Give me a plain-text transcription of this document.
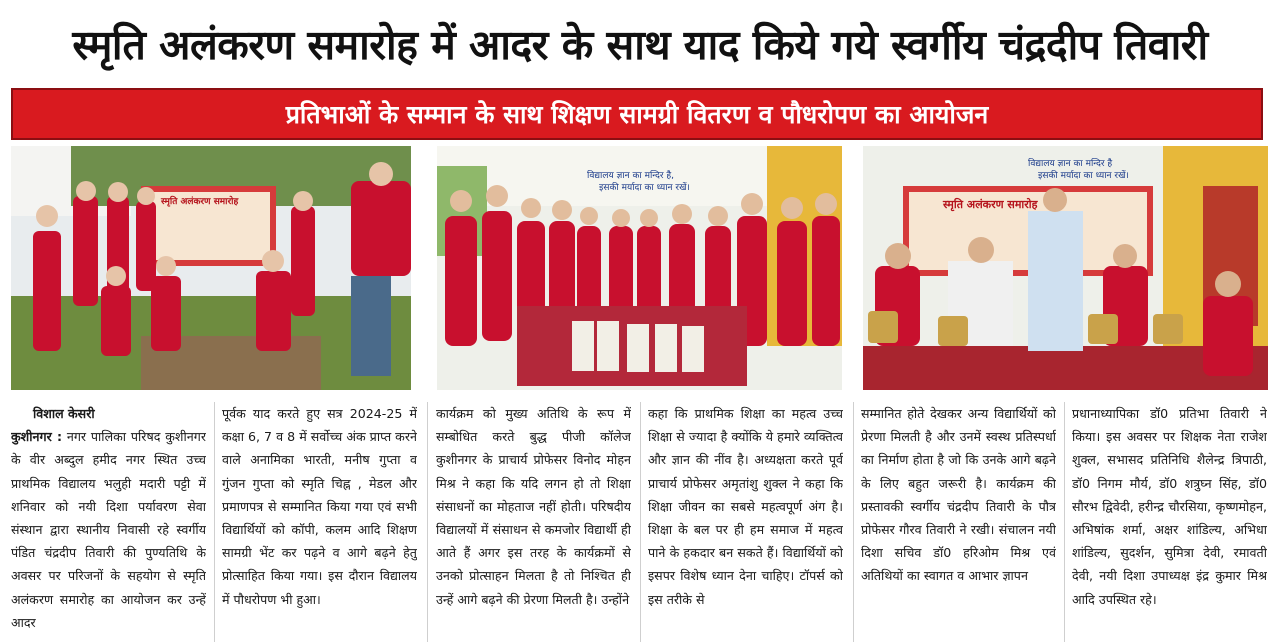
स्मृति अलंकरण समारोह में आदर के साथ याद किये गये स्वर्गीय चंद्रदीप तिवारी
प्रतिभाओं के सम्मान के साथ शिक्षण सामग्री वितरण व पौधरोपण का आयोजन
स्मृति अलंकरण समारोह
विद्यालय ज्ञान का मन्दिर है,
इसकी मर्यादा का ध्यान रखें।
विद्यालय ज्ञान का मन्दिर है
इसकी मर्यादा का ध्यान रखें।
स्मृति अलंकरण समारोह
विशाल केसरी

कुशीनगर : नगर पालिका परिषद कुशीनगर के वीर अब्दुल हमीद नगर स्थित उच्च प्राथमिक विद्यालय भलुही मदारी पट्टी में शनिवार को नयी दिशा पर्यावरण सेवा संस्थान द्वारा स्थानीय निवासी रहे स्वर्गीय पंडित चंद्रदीप तिवारी की पुण्यतिथि के अवसर पर परिजनों के सहयोग से स्मृति अलंकरण समारोह का आयोजन कर उन्हें आदर

पूर्वक याद करते हुए सत्र 2024-25 में कक्षा 6, 7 व 8 में सर्वोच्च अंक प्राप्त करने वाले अनामिका भारती, मनीष गुप्ता व गुंजन गुप्ता को स्मृति चिह्न , मेडल और प्रमाणपत्र से सम्मानित किया गया एवं सभी विद्यार्थियों को कॉपी, कलम आदि शिक्षण सामग्री भेंट कर पढ़ने व आगे बढ़ने हेतु प्रोत्साहित किया गया। इस दौरान विद्यालय में पौधरोपण भी हुआ।

कार्यक्रम को मुख्य अतिथि के रूप में सम्बोधित करते बुद्ध पीजी कॉलेज कुशीनगर के प्राचार्य प्रोफेसर विनोद मोहन मिश्र ने कहा कि यदि लगन हो तो शिक्षा संसाधनों का मोहताज नहीं होती। परिषदीय विद्यालयों में संसाधन से कमजोर विद्यार्थी ही आते हैं अगर इस तरह के कार्यक्रमों से उनको प्रोत्साहन मिलता है तो निश्चित ही उन्हें आगे बढ़ने की प्रेरणा मिलती है। उन्होंने

कहा कि प्राथमिक शिक्षा का महत्व उच्च शिक्षा से ज्यादा है क्योंकि ये हमारे व्यक्तित्व और ज्ञान की नींव है। अध्यक्षता करते पूर्व प्राचार्य प्रोफेसर अमृतांशु शुक्ल ने कहा कि शिक्षा जीवन का सबसे महत्वपूर्ण अंग है। शिक्षा के बल पर ही हम समाज में महत्व पाने के हकदार बन सकते हैं। विद्यार्थियों को इसपर विशेष ध्यान देना चाहिए। टॉपर्स को इस तरीके से

सम्मानित होते देखकर अन्य विद्यार्थियों को प्रेरणा मिलती है और उनमें स्वस्थ प्रतिस्पर्धा का निर्माण होता है जो कि उनके आगे बढ़ने के लिए बहुत जरूरी है। कार्यक्रम की प्रस्तावकी स्वर्गीय चंद्रदीप तिवारी के पौत्र प्रोफेसर गौरव तिवारी ने रखी। संचालन नयी दिशा सचिव डॉ0 हरिओम मिश्र एवं अतिथियों का स्वागत व आभार ज्ञापन

प्रधानाध्यापिका डॉ0 प्रतिभा तिवारी ने किया। इस अवसर पर शिक्षक नेता राजेश शुक्ल, सभासद प्रतिनिधि शैलेन्द्र त्रिपाठी, डॉ0 निगम मौर्य, डॉ0 शत्रुघ्न सिंह, डॉ0 सौरभ द्विवेदी, हरीन्द्र चौरसिया, कृष्णमोहन, अभिषांक शर्मा, अक्षर शांडिल्य, अभिधा शांडिल्य, सुदर्शन, सुमित्रा देवी, रमावती देवी, नयी दिशा उपाध्यक्ष इंद्र कुमार मिश्र आदि उपस्थित रहे।
